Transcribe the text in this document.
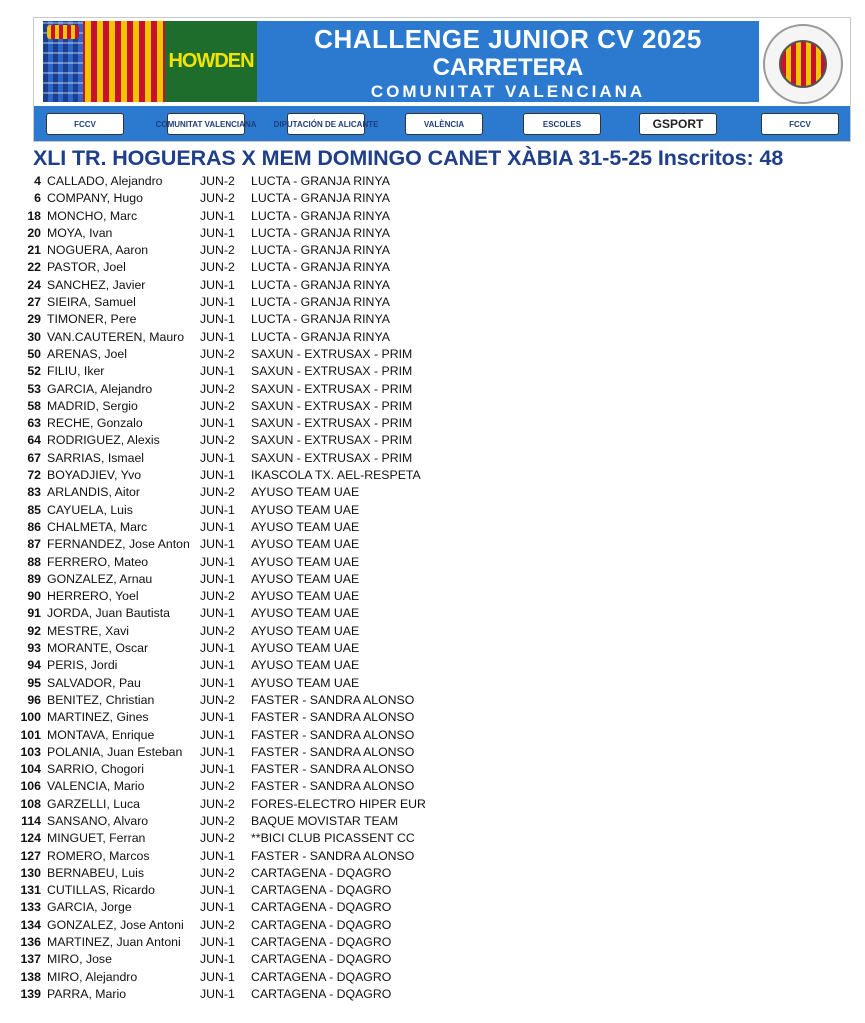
HOWDEN
CHALLENGE JUNIOR CV 2025
CARRETERA
COMUNITAT VALENCIANA
FCCV	COMUNITAT VALENCIANA DIPUTACIÓN DE ALICANTE	VALÈNCIA	ESCOLES	GSPORT	FCCV
XLI TR. HOGUERAS X MEM DOMINGO CANET XÀBIA 31-5-25 Inscritos: 48
4 CALLADO, Alejandro	JUN-2 LUCTA - GRANJA RINYA
6 COMPANY, Hugo	JUN-2 LUCTA - GRANJA RINYA
18 MONCHO, Marc	JUN-1 LUCTA - GRANJA RINYA
20 MOYA, Ivan	JUN-1 LUCTA - GRANJA RINYA
21 NOGUERA, Aaron	JUN-2 LUCTA - GRANJA RINYA
22 PASTOR, Joel	JUN-2 LUCTA - GRANJA RINYA
24 SANCHEZ, Javier	JUN-1 LUCTA - GRANJA RINYA
27 SIEIRA, Samuel	JUN-1 LUCTA - GRANJA RINYA
29 TIMONER, Pere	JUN-1 LUCTA - GRANJA RINYA
30 VAN.CAUTEREN, Mauro	JUN-1 LUCTA - GRANJA RINYA
50 ARENAS, Joel	JUN-2 SAXUN - EXTRUSAX - PRIM
52 FILIU, Iker	JUN-1 SAXUN - EXTRUSAX - PRIM
53 GARCIA, Alejandro	JUN-2 SAXUN - EXTRUSAX - PRIM
58 MADRID, Sergio	JUN-2 SAXUN - EXTRUSAX - PRIM
63 RECHE, Gonzalo	JUN-1 SAXUN - EXTRUSAX - PRIM
64 RODRIGUEZ, Alexis	JUN-2 SAXUN - EXTRUSAX - PRIM
67 SARRIAS, Ismael	JUN-1 SAXUN - EXTRUSAX - PRIM
72 BOYADJIEV, Yvo	JUN-1 IKASCOLA TX. AEL-RESPETA
83 ARLANDIS, Aitor	JUN-2 AYUSO TEAM UAE
85 CAYUELA, Luis	JUN-1 AYUSO TEAM UAE
86 CHALMETA, Marc	JUN-1 AYUSO TEAM UAE
87 FERNANDEZ, Jose Anton JUN-1 AYUSO TEAM UAE
88 FERRERO, Mateo	JUN-1 AYUSO TEAM UAE
89 GONZALEZ, Arnau	JUN-1 AYUSO TEAM UAE
90 HERRERO, Yoel	JUN-2 AYUSO TEAM UAE
91 JORDA, Juan Bautista	JUN-1 AYUSO TEAM UAE
92 MESTRE, Xavi	JUN-2 AYUSO TEAM UAE
93 MORANTE, Oscar	JUN-1 AYUSO TEAM UAE
94 PERIS, Jordi	JUN-1 AYUSO TEAM UAE
95 SALVADOR, Pau	JUN-1 AYUSO TEAM UAE
96 BENITEZ, Christian	JUN-2 FASTER - SANDRA ALONSO
100 MARTINEZ, Gines	JUN-1 FASTER - SANDRA ALONSO
101 MONTAVA, Enrique	JUN-1 FASTER - SANDRA ALONSO
103 POLANIA, Juan Esteban	JUN-1 FASTER - SANDRA ALONSO
104 SARRIO, Chogori	JUN-1 FASTER - SANDRA ALONSO
106 VALENCIA, Mario	JUN-2 FASTER - SANDRA ALONSO
108 GARZELLI, Luca	JUN-2 FORES-ELECTRO HIPER EUR
114 SANSANO, Alvaro	JUN-2 BAQUE MOVISTAR TEAM
124 MINGUET, Ferran	JUN-2 **BICI CLUB PICASSENT CC
127 ROMERO, Marcos	JUN-1 FASTER - SANDRA ALONSO
130 BERNABEU, Luis	JUN-2 CARTAGENA - DQAGRO
131 CUTILLAS, Ricardo	JUN-1 CARTAGENA - DQAGRO
133 GARCIA, Jorge	JUN-1 CARTAGENA - DQAGRO
134 GONZALEZ, Jose Antoni	JUN-2 CARTAGENA - DQAGRO
136 MARTINEZ, Juan Antoni	JUN-1 CARTAGENA - DQAGRO
137 MIRO, Jose	JUN-1 CARTAGENA - DQAGRO
138 MIRO, Alejandro	JUN-1 CARTAGENA - DQAGRO
139 PARRA, Mario	JUN-1 CARTAGENA - DQAGRO
